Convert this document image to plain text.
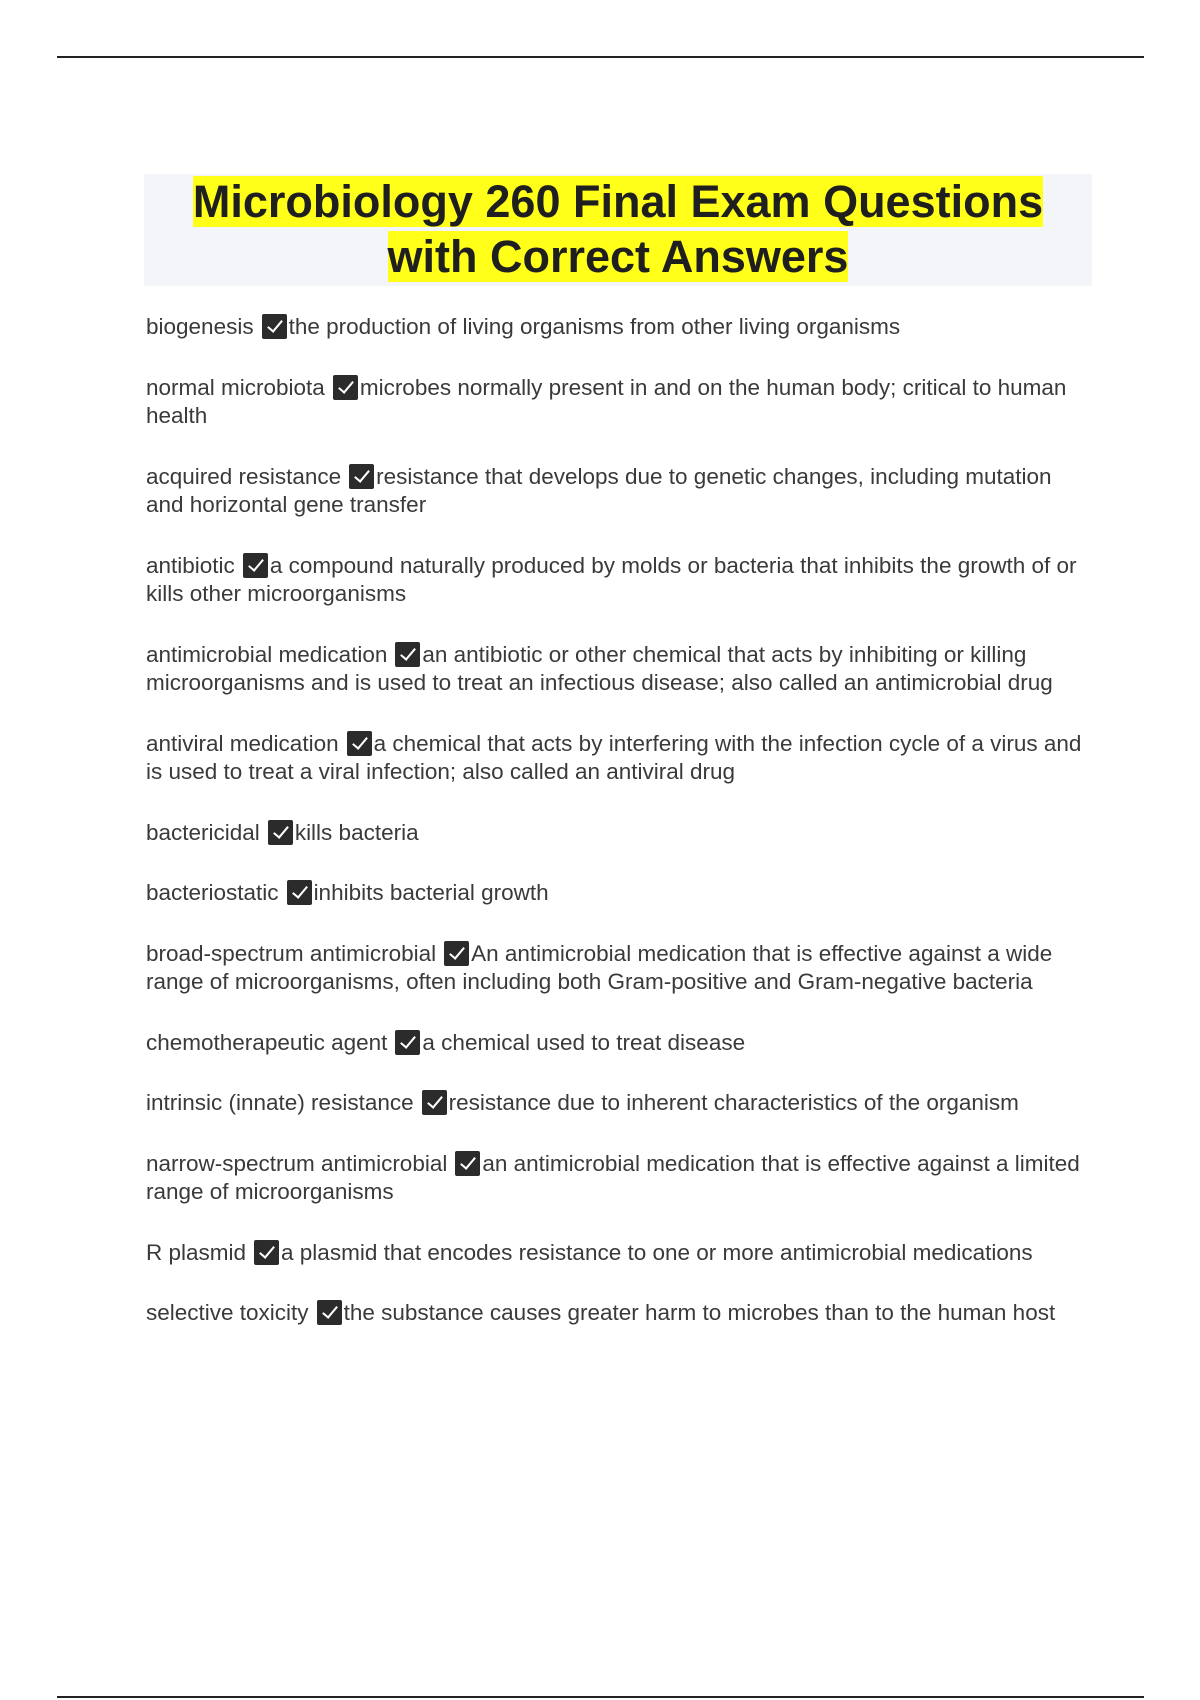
Microbiology 260 Final Exam Questions
with Correct Answers

biogenesis the production of living organisms from other living organisms

normal microbiota microbes normally present in and on the human body; critical to human health

acquired resistance resistance that develops due to genetic changes, including mutation and horizontal gene transfer

antibiotic a compound naturally produced by molds or bacteria that inhibits the growth of or kills other microorganisms

antimicrobial medication an antibiotic or other chemical that acts by inhibiting or killing microorganisms and is used to treat an infectious disease; also called an antimicrobial drug

antiviral medication a chemical that acts by interfering with the infection cycle of a virus and is used to treat a viral infection; also called an antiviral drug

bactericidal kills bacteria

bacteriostatic inhibits bacterial growth

broad-spectrum antimicrobial An antimicrobial medication that is effective against a wide range of microorganisms, often including both Gram-positive and Gram-negative bacteria

chemotherapeutic agent a chemical used to treat disease

intrinsic (innate) resistance resistance due to inherent characteristics of the organism

narrow-spectrum antimicrobial an antimicrobial medication that is effective against a limited range of microorganisms

R plasmid a plasmid that encodes resistance to one or more antimicrobial medications

selective toxicity the substance causes greater harm to microbes than to the human host
